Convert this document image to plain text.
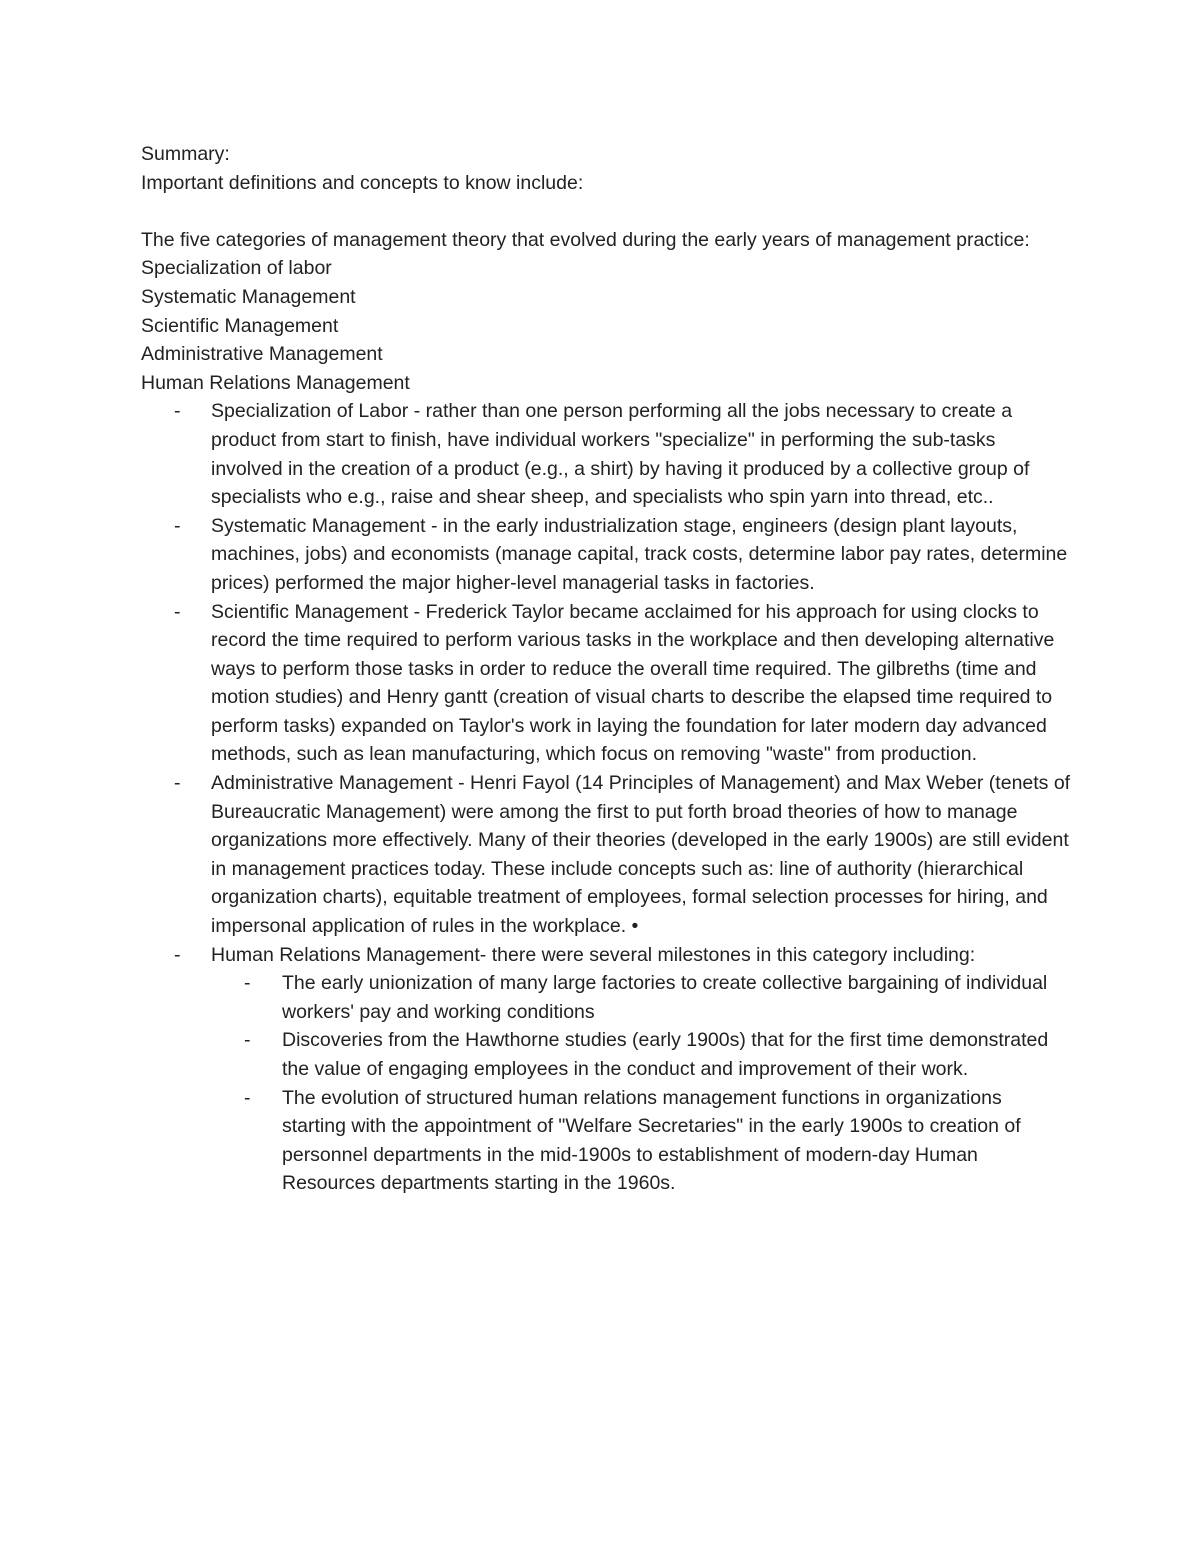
Summary:
Important definitions and concepts to know include:

The five categories of management theory that evolved during the early years of management practice:

Specialization of labor
Systematic Management
Scientific Management
Administrative Management
Human Relations Management
- Specialization of Labor - rather than one person performing all the jobs necessary to create a product from start to finish, have individual workers "specialize" in performing the sub-tasks involved in the creation of a product (e.g., a shirt) by having it produced by a collective group of specialists who e.g., raise and shear sheep, and specialists who spin yarn into thread, etc..
- Systematic Management - in the early industrialization stage, engineers (design plant layouts, machines, jobs) and economists (manage capital, track costs, determine labor pay rates, determine prices) performed the major higher-level managerial tasks in factories.
- Scientific Management - Frederick Taylor became acclaimed for his approach for using clocks to record the time required to perform various tasks in the workplace and then developing alternative ways to perform those tasks in order to reduce the overall time required. The gilbreths (time and motion studies) and Henry gantt (creation of visual charts to describe the elapsed time required to perform tasks) expanded on Taylor's work in laying the foundation for later modern day advanced methods, such as lean manufacturing, which focus on removing "waste" from production.
- Administrative Management - Henri Fayol (14 Principles of Management) and Max Weber (tenets of Bureaucratic Management) were among the first to put forth broad theories of how to manage organizations more effectively. Many of their theories (developed in the early 1900s) are still evident in management practices today. These include concepts such as: line of authority (hierarchical organization charts), equitable treatment of employees, formal selection processes for hiring, and impersonal application of rules in the workplace. •
- Human Relations Management- there were several milestones in this category including:
- The early unionization of many large factories to create collective bargaining of individual workers' pay and working conditions
- Discoveries from the Hawthorne studies (early 1900s) that for the first time demonstrated the value of engaging employees in the conduct and improvement of their work.
- The evolution of structured human relations management functions in organizations starting with the appointment of "Welfare Secretaries" in the early 1900s to creation of personnel departments in the mid-1900s to establishment of modern-day Human Resources departments starting in the 1960s.
